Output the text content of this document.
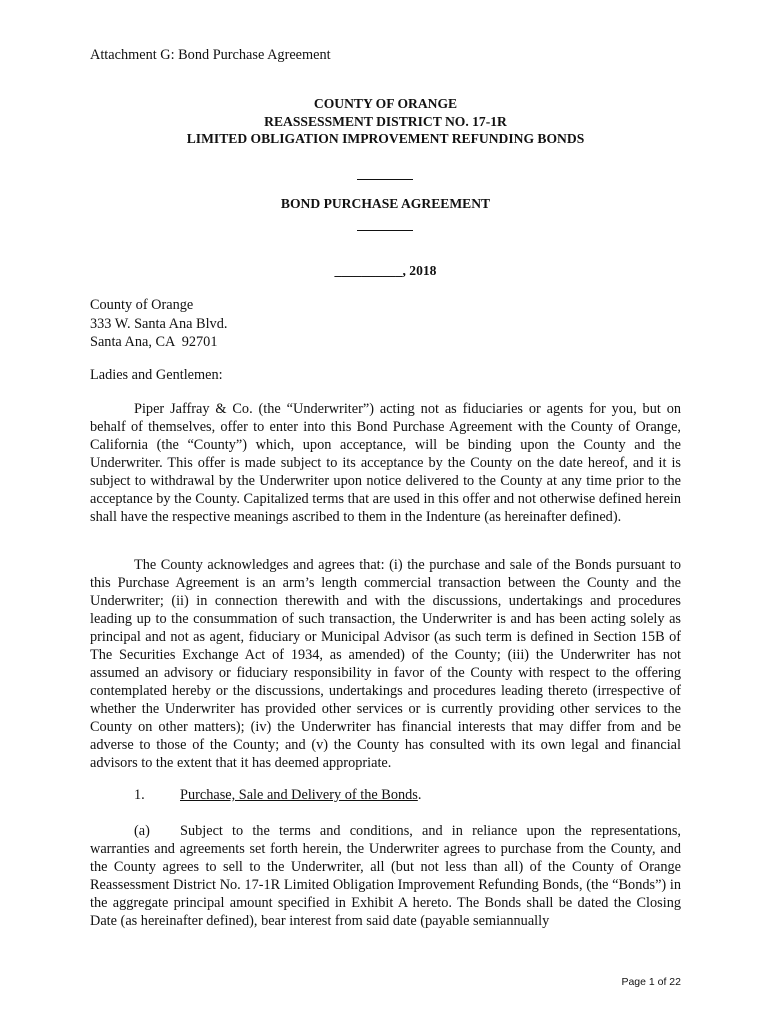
Attachment G: Bond Purchase Agreement
COUNTY OF ORANGE
REASSESSMENT DISTRICT NO. 17-1R
LIMITED OBLIGATION IMPROVEMENT REFUNDING BONDS
BOND PURCHASE AGREEMENT
__________, 2018
County of Orange
333 W. Santa Ana Blvd.
Santa Ana, CA  92701
Ladies and Gentlemen:

Piper Jaffray & Co. (the “Underwriter”) acting not as fiduciaries or agents for you, but on behalf of themselves, offer to enter into this Bond Purchase Agreement with the County of Orange, California (the “County”) which, upon acceptance, will be binding upon the County and the Underwriter. This offer is made subject to its acceptance by the County on the date hereof, and it is subject to withdrawal by the Underwriter upon notice delivered to the County at any time prior to the acceptance by the County. Capitalized terms that are used in this offer and not otherwise defined herein shall have the respective meanings ascribed to them in the Indenture (as hereinafter defined).

The County acknowledges and agrees that: (i) the purchase and sale of the Bonds pursuant to this Purchase Agreement is an arm’s length commercial transaction between the County and the Underwriter; (ii) in connection therewith and with the discussions, undertakings and procedures leading up to the consummation of such transaction, the Underwriter is and has been acting solely as principal and not as agent, fiduciary or Municipal Advisor (as such term is defined in Section 15B of The Securities Exchange Act of 1934, as amended) of the County; (iii) the Underwriter has not assumed an advisory or fiduciary responsibility in favor of the County with respect to the offering contemplated hereby or the discussions, undertakings and procedures leading thereto (irrespective of whether the Underwriter has provided other services or is currently providing other services to the County on other matters); (iv) the Underwriter has financial interests that may differ from and be adverse to those of the County; and (v) the County has consulted with its own legal and financial advisors to the extent that it has deemed appropriate.

1. Purchase, Sale and Delivery of the Bonds.

(a) Subject to the terms and conditions, and in reliance upon the representations, warranties and agreements set forth herein, the Underwriter agrees to purchase from the County, and the County agrees to sell to the Underwriter, all (but not less than all) of the County of Orange Reassessment District No. 17-1R Limited Obligation Improvement Refunding Bonds, (the “Bonds”) in the aggregate principal amount specified in Exhibit A hereto. The Bonds shall be dated the Closing Date (as hereinafter defined), bear interest from said date (payable semiannually

Page 1 of 22
